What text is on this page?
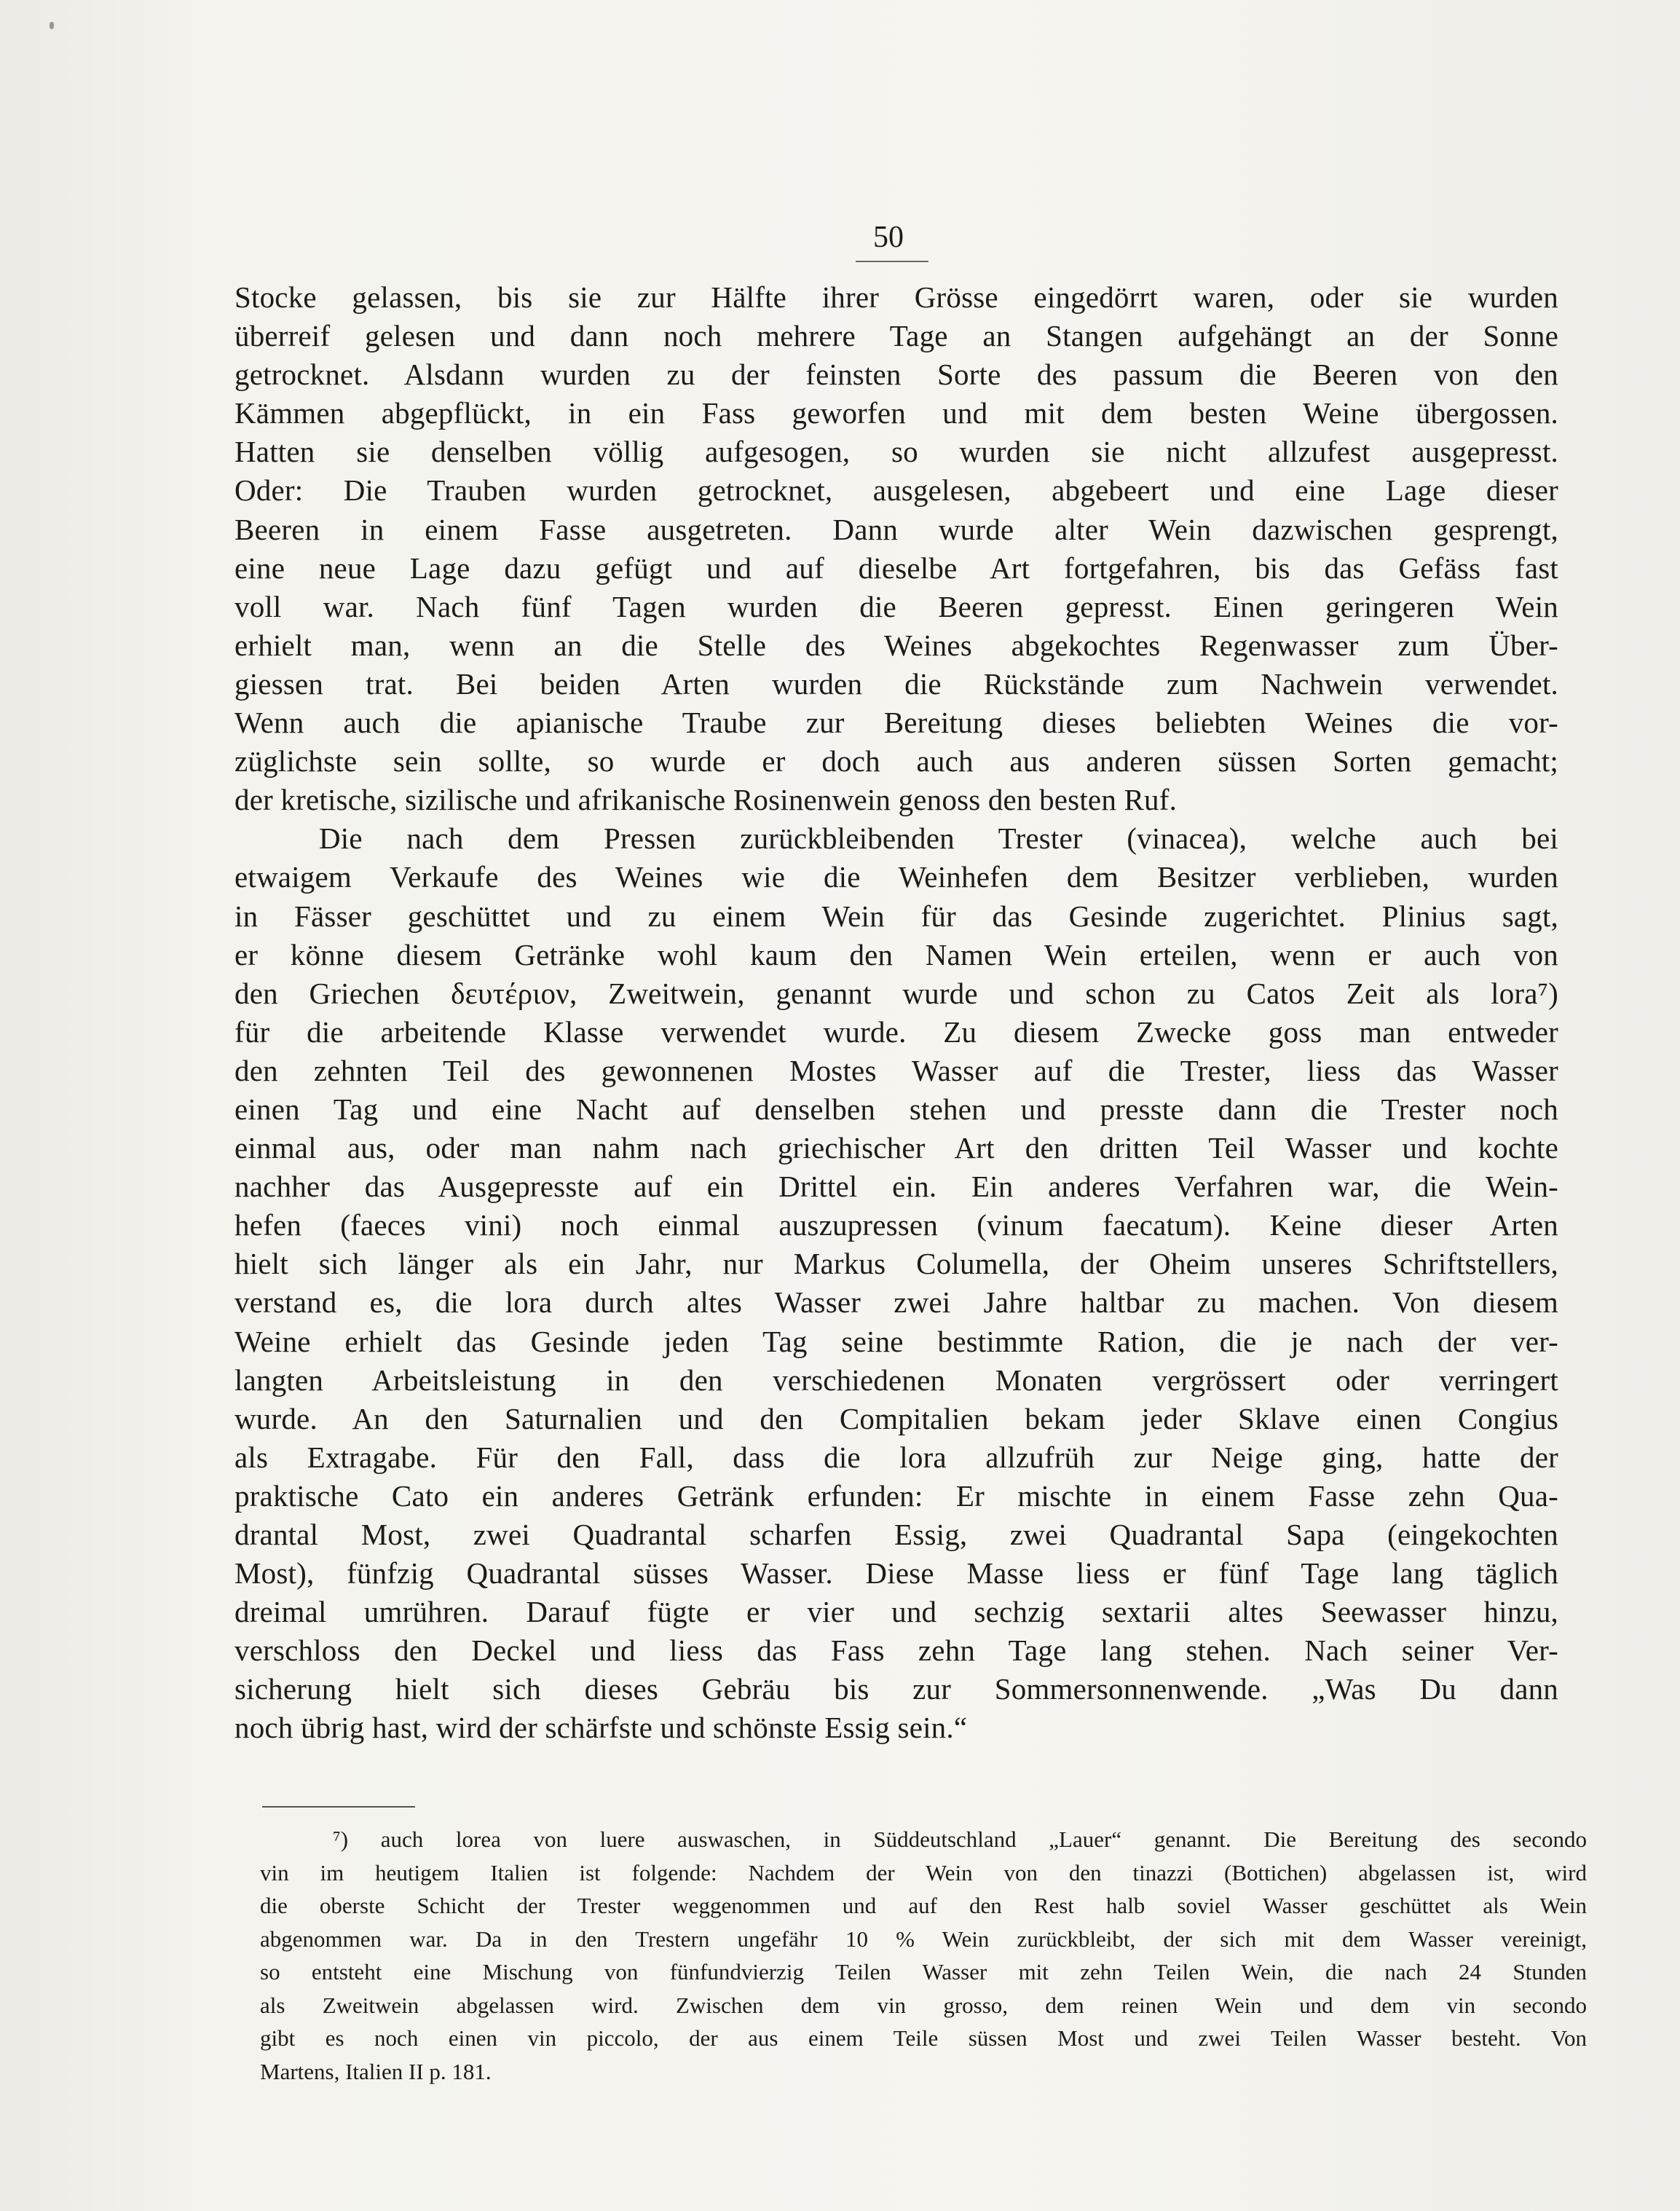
50
Stocke gelassen, bis sie zur Hälfte ihrer Grösse eingedörrt waren, oder sie wurden
überreif gelesen und dann noch mehrere Tage an Stangen aufgehängt an der Sonne
getrocknet. Alsdann wurden zu der feinsten Sorte des passum die Beeren von den
Kämmen abgepflückt, in ein Fass geworfen und mit dem besten Weine übergossen.
Hatten sie denselben völlig aufgesogen, so wurden sie nicht allzufest ausgepresst.
Oder: Die Trauben wurden getrocknet, ausgelesen, abgebeert und eine Lage dieser
Beeren in einem Fasse ausgetreten. Dann wurde alter Wein dazwischen gesprengt,
eine neue Lage dazu gefügt und auf dieselbe Art fortgefahren, bis das Gefäss fast
voll war. Nach fünf Tagen wurden die Beeren gepresst. Einen geringeren Wein
erhielt man, wenn an die Stelle des Weines abgekochtes Regenwasser zum Über-
giessen trat. Bei beiden Arten wurden die Rückstände zum Nachwein verwendet.
Wenn auch die apianische Traube zur Bereitung dieses beliebten Weines die vor-
züglichste sein sollte, so wurde er doch auch aus anderen süssen Sorten gemacht;
der kretische, sizilische und afrikanische Rosinenwein genoss den besten Ruf.
Die nach dem Pressen zurückbleibenden Trester (vinacea), welche auch bei
etwaigem Verkaufe des Weines wie die Weinhefen dem Besitzer verblieben, wurden
in Fässer geschüttet und zu einem Wein für das Gesinde zugerichtet. Plinius sagt,
er könne diesem Getränke wohl kaum den Namen Wein erteilen, wenn er auch von
den Griechen δευτέριον, Zweitwein, genannt wurde und schon zu Catos Zeit als lora⁷)
für die arbeitende Klasse verwendet wurde. Zu diesem Zwecke goss man entweder
den zehnten Teil des gewonnenen Mostes Wasser auf die Trester, liess das Wasser
einen Tag und eine Nacht auf denselben stehen und presste dann die Trester noch
einmal aus, oder man nahm nach griechischer Art den dritten Teil Wasser und kochte
nachher das Ausgepresste auf ein Drittel ein. Ein anderes Verfahren war, die Wein-
hefen (faeces vini) noch einmal auszupressen (vinum faecatum). Keine dieser Arten
hielt sich länger als ein Jahr, nur Markus Columella, der Oheim unseres Schriftstellers,
verstand es, die lora durch altes Wasser zwei Jahre haltbar zu machen. Von diesem
Weine erhielt das Gesinde jeden Tag seine bestimmte Ration, die je nach der ver-
langten Arbeitsleistung in den verschiedenen Monaten vergrössert oder verringert
wurde. An den Saturnalien und den Compitalien bekam jeder Sklave einen Congius
als Extragabe. Für den Fall, dass die lora allzufrüh zur Neige ging, hatte der
praktische Cato ein anderes Getränk erfunden: Er mischte in einem Fasse zehn Qua-
drantal Most, zwei Quadrantal scharfen Essig, zwei Quadrantal Sapa (eingekochten
Most), fünfzig Quadrantal süsses Wasser. Diese Masse liess er fünf Tage lang täglich
dreimal umrühren. Darauf fügte er vier und sechzig sextarii altes Seewasser hinzu,
verschloss den Deckel und liess das Fass zehn Tage lang stehen. Nach seiner Ver-
sicherung hielt sich dieses Gebräu bis zur Sommersonnenwende. „Was Du dann
noch übrig hast, wird der schärfste und schönste Essig sein.“
⁷) auch lorea von luere auswaschen, in Süddeutschland „Lauer“ genannt. Die Bereitung des secondo
vin im heutigem Italien ist folgende: Nachdem der Wein von den tinazzi (Bottichen) abgelassen ist, wird
die oberste Schicht der Trester weggenommen und auf den Rest halb soviel Wasser geschüttet als Wein
abgenommen war. Da in den Trestern ungefähr 10 % Wein zurückbleibt, der sich mit dem Wasser vereinigt,
so entsteht eine Mischung von fünfundvierzig Teilen Wasser mit zehn Teilen Wein, die nach 24 Stunden
als Zweitwein abgelassen wird. Zwischen dem vin grosso, dem reinen Wein und dem vin secondo
gibt es noch einen vin piccolo, der aus einem Teile süssen Most und zwei Teilen Wasser besteht. Von
Martens, Italien II p. 181.
